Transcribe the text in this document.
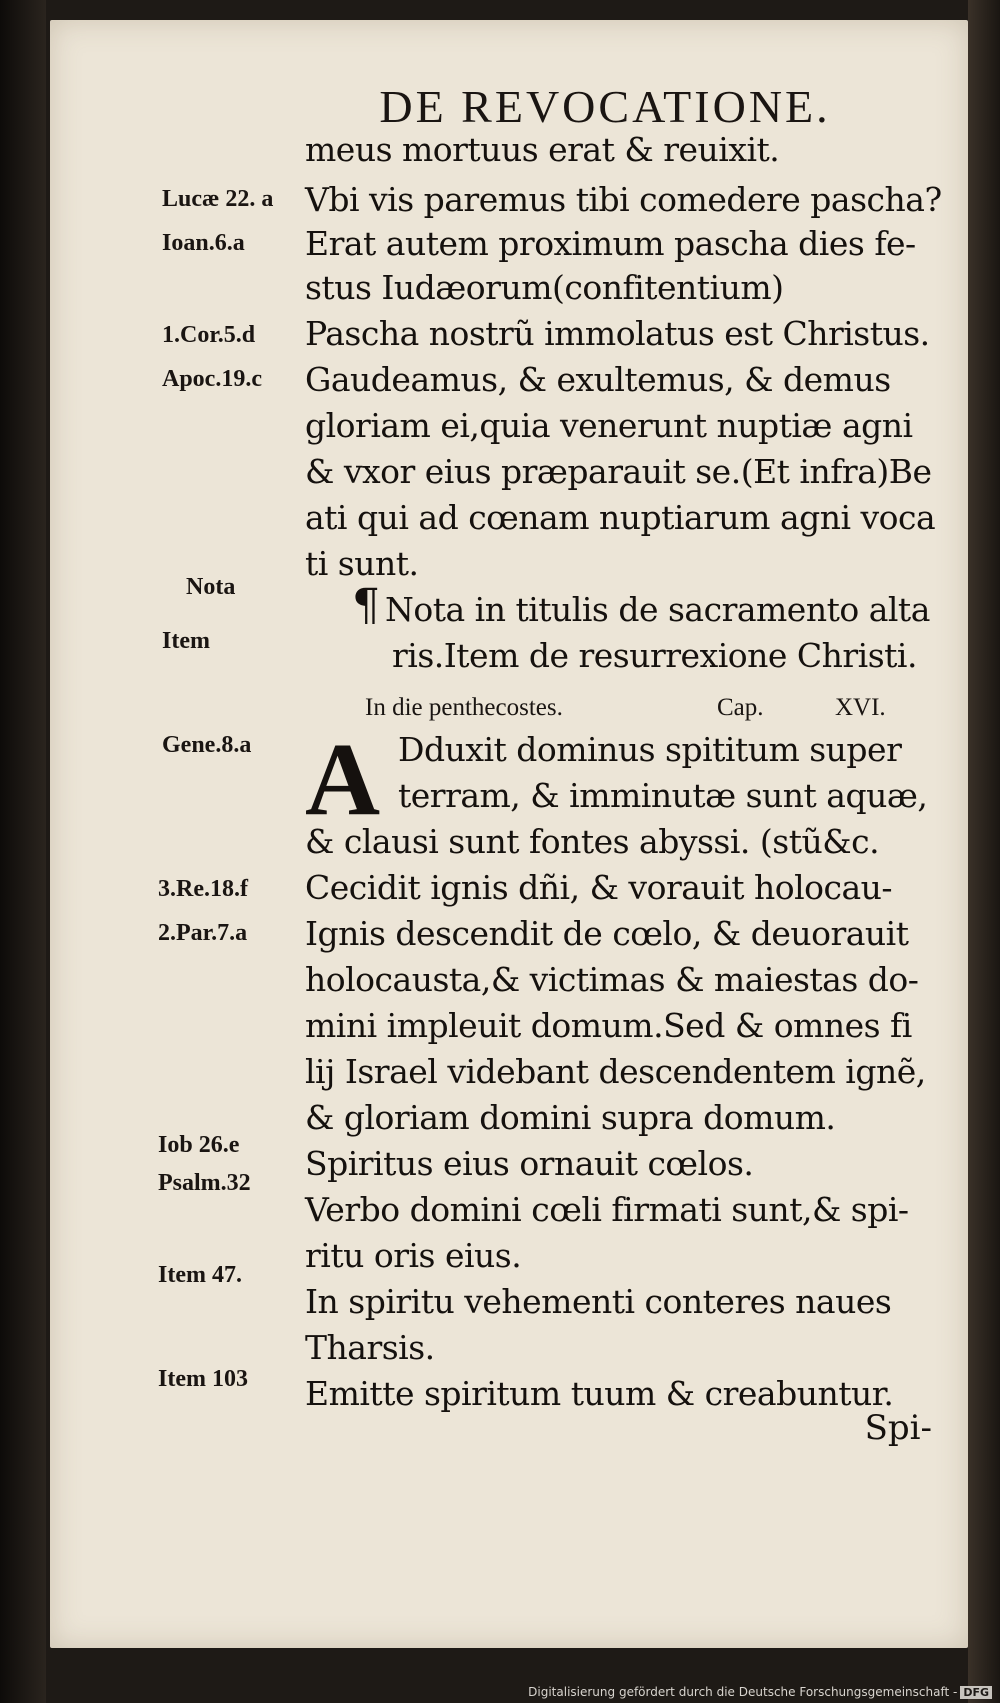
DE REVOCATIONE.
meus mortuus erat & reuixit.
Vbi vis paremus tibi comedere pascha?
Erat autem proximum pascha dies fe-
stus Iudæorum(confitentium)
Pascha nostrũ immolatus est Christus.
Gaudeamus, & exultemus, & demus
gloriam ei,quia venerunt nuptiæ agni
& vxor eius præparauit se.(Et infra)Be
ati qui ad cœnam nuptiarum agni voca
ti sunt.
¶ Nota in titulis de sacramento alta
ris.Item de resurrexione Christi.
In die penthecostes.	Cap.	XVI.
A Dduxit dominus spititum super
terram, & imminutæ sunt aquæ,
& clausi sunt fontes abyssi. (stũ&c.
Cecidit ignis dñi, & vorauit holocau-
Ignis descendit de cœlo, & deuorauit
holocausta,& victimas & maiestas do-
mini impleuit domum.Sed & omnes fi
lij Israel videbant descendentem ignẽ,
& gloriam domini supra domum.
Spiritus eius ornauit cœlos.
Verbo domini cœli firmati sunt,& spi-
ritu oris eius.
In spiritu vehementi conteres naues
Tharsis.
Emitte spiritum tuum & creabuntur.
Spi-
Lucæ 22. a
Ioan.6.a
1.Cor.5.d
Apoc.19.c
Nota
Item
Gene.8.a
3.Re.18.f
2.Par.7.a
Iob 26.e
Psalm.32
Item 47.
Item 103
Digitalisierung gefördert durch die Deutsche Forschungsgemeinschaft - DFG
